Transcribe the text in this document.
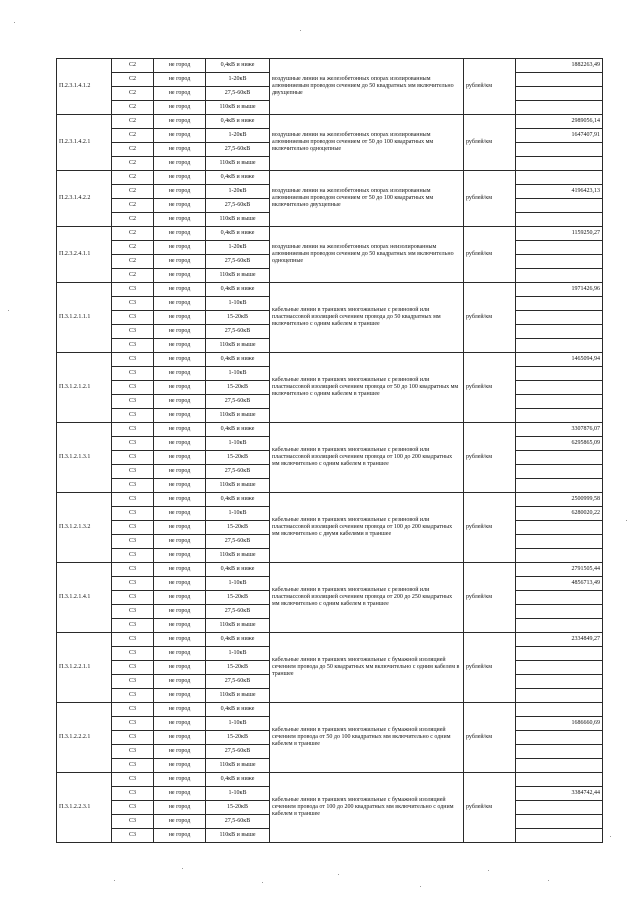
П.2.3.1.4.1.2	С2	не город	0,4кВ и ниже	воздушные линии на железобетонных опорах изолированным алюминиевым проводом сечением до 50 квадратных мм включительно двухцепные	рублей/км	1882263,49
	С2	не город	1-20кВ			
	С2	не город	27,5-60кВ			
	С2	не город	110кВ и выше			
П.2.3.1.4.2.1	С2	не город	0,4кВ и ниже	воздушные линии на железобетонных опорах изолированным алюминиевым проводом сечением от 50 до 100 квадратных мм включительно одноцепные	рублей/км	2989056,14
	С2	не город	1-20кВ			1647407,91
	С2	не город	27,5-60кВ			
	С2	не город	110кВ и выше			
П.2.3.1.4.2.2	С2	не город	0,4кВ и ниже	воздушные линии на железобетонных опорах изолированным алюминиевым проводом сечением от 50 до 100 квадратных мм включительно двухцепные	рублей/км	
	С2	не город	1-20кВ			4196423,13
	С2	не город	27,5-60кВ			
	С2	не город	110кВ и выше			
П.2.3.2.4.1.1	С2	не город	0,4кВ и ниже	воздушные линии на железобетонных опорах неизолированным алюминиевым проводом сечением до 50 квадратных мм включительно одноцепные	рублей/км	1159250,27
	С2	не город	1-20кВ			
	С2	не город	27,5-60кВ			
	С2	не город	110кВ и выше			
П.3.1.2.1.1.1	С3	не город	0,4кВ и ниже	кабельные линии в траншеях многожильные с резиновой или пластмассовой изоляцией сечением провода до 50 квадратных мм включительно с одним кабелем в траншее	рублей/км	1971426,96
	С3	не город	1-10кВ			
	С3	не город	15-20кВ			
	С3	не город	27,5-60кВ			
	С3	не город	110кВ и выше			
П.3.1.2.1.2.1	С3	не город	0,4кВ и ниже	кабельные линии в траншеях многожильные с резиновой или пластмассовой изоляцией сечением провода от 50 до 100 квадратных мм включительно с одним кабелем в траншее	рублей/км	1465094,94
	С3	не город	1-10кВ			
	С3	не город	15-20кВ			
	С3	не город	27,5-60кВ			
	С3	не город	110кВ и выше			
П.3.1.2.1.3.1	С3	не город	0,4кВ и ниже	кабельные линии в траншеях многожильные с резиновой или пластмассовой изоляцией сечением провода от 100 до 200 квадратных мм включительно с одним кабелем в траншее	рублей/км	3307876,07
	С3	не город	1-10кВ			6295865,09
	С3	не город	15-20кВ			
	С3	не город	27,5-60кВ			
	С3	не город	110кВ и выше			
П.3.1.2.1.3.2	С3	не город	0,4кВ и ниже	кабельные линии в траншеях многожильные с резиновой или пластмассовой изоляцией сечением провода от 100 до 200 квадратных мм включительно с двумя кабелями в траншее	рублей/км	2500999,58
	С3	не город	1-10кВ			6280020,22
	С3	не город	15-20кВ			
	С3	не город	27,5-60кВ			
	С3	не город	110кВ и выше			
П.3.1.2.1.4.1	С3	не город	0,4кВ и ниже	кабельные линии в траншеях многожильные с резиновой или пластмассовой изоляцией сечением провода от 200 до 250 квадратных мм включительно с одним кабелем в траншее	рублей/км	2791505,44
	С3	не город	1-10кВ			4856713,49
	С3	не город	15-20кВ			
	С3	не город	27,5-60кВ			
	С3	не город	110кВ и выше			
П.3.1.2.2.1.1	С3	не город	0,4кВ и ниже	кабельные линии в траншеях многожильные с бумажной изоляцией сечением провода до 50 квадратных мм включительно с одним кабелем в траншее	рублей/км	2334849,27
	С3	не город	1-10кВ			
	С3	не город	15-20кВ			
	С3	не город	27,5-60кВ			
	С3	не город	110кВ и выше			
П.3.1.2.2.2.1	С3	не город	0,4кВ и ниже	кабельные линии в траншеях многожильные с бумажной изоляцией сечением провода от 50 до 100 квадратных мм включительно с одним кабелем в траншее	рублей/км	
	С3	не город	1-10кВ			1686660,69
	С3	не город	15-20кВ			
	С3	не город	27,5-60кВ			
	С3	не город	110кВ и выше			
П.3.1.2.2.3.1	С3	не город	0,4кВ и ниже	кабельные линии в траншеях многожильные с бумажной изоляцией сечением провода от 100 до 200 квадратных мм включительно с одним кабелем в траншее	рублей/км	
	С3	не город	1-10кВ			3384742,44
	С3	не город	15-20кВ			
	С3	не город	27,5-60кВ			
	С3	не город	110кВ и выше			
